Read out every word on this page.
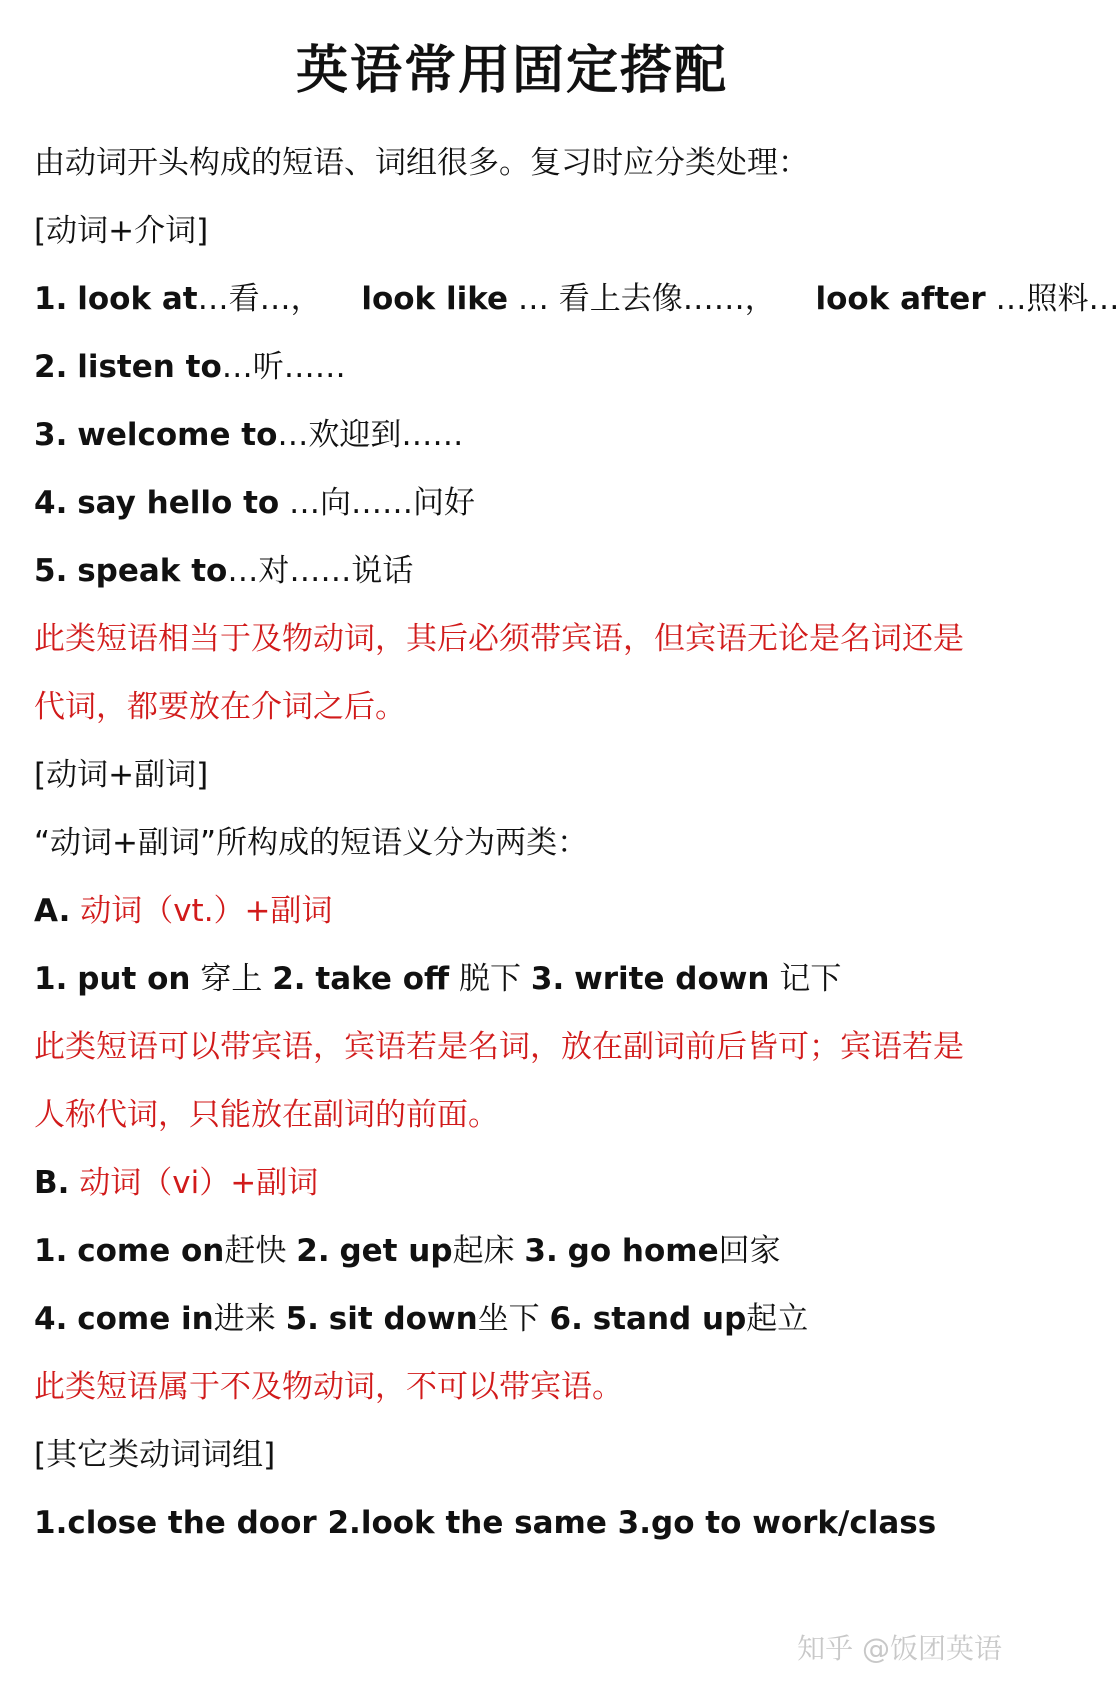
英语常用固定搭配
由动词开头构成的短语、词组很多。复习时应分类处理：
[动词+介词]
1. look at…看…， look like … 看上去像……， look after …照料…
2. listen to…听……
3. welcome to…欢迎到……
4. say hello to …向……问好
5. speak to…对……说话
此类短语相当于及物动词，其后必须带宾语，但宾语无论是名词还是
代词，都要放在介词之后。
[动词+副词]
“动词+副词”所构成的短语义分为两类：
A. 动词（vt.）+副词
1. put on 穿上 2. take off 脱下 3. write down 记下
此类短语可以带宾语，宾语若是名词，放在副词前后皆可；宾语若是
人称代词，只能放在副词的前面。
B. 动词（vi）+副词
1. come on赶快 2. get up起床 3. go home回家
4. come in进来 5. sit down坐下 6. stand up起立
此类短语属于不及物动词，不可以带宾语。
[其它类动词词组]
1.close the door 2.look the same 3.go to work/class
知乎 @饭团英语
